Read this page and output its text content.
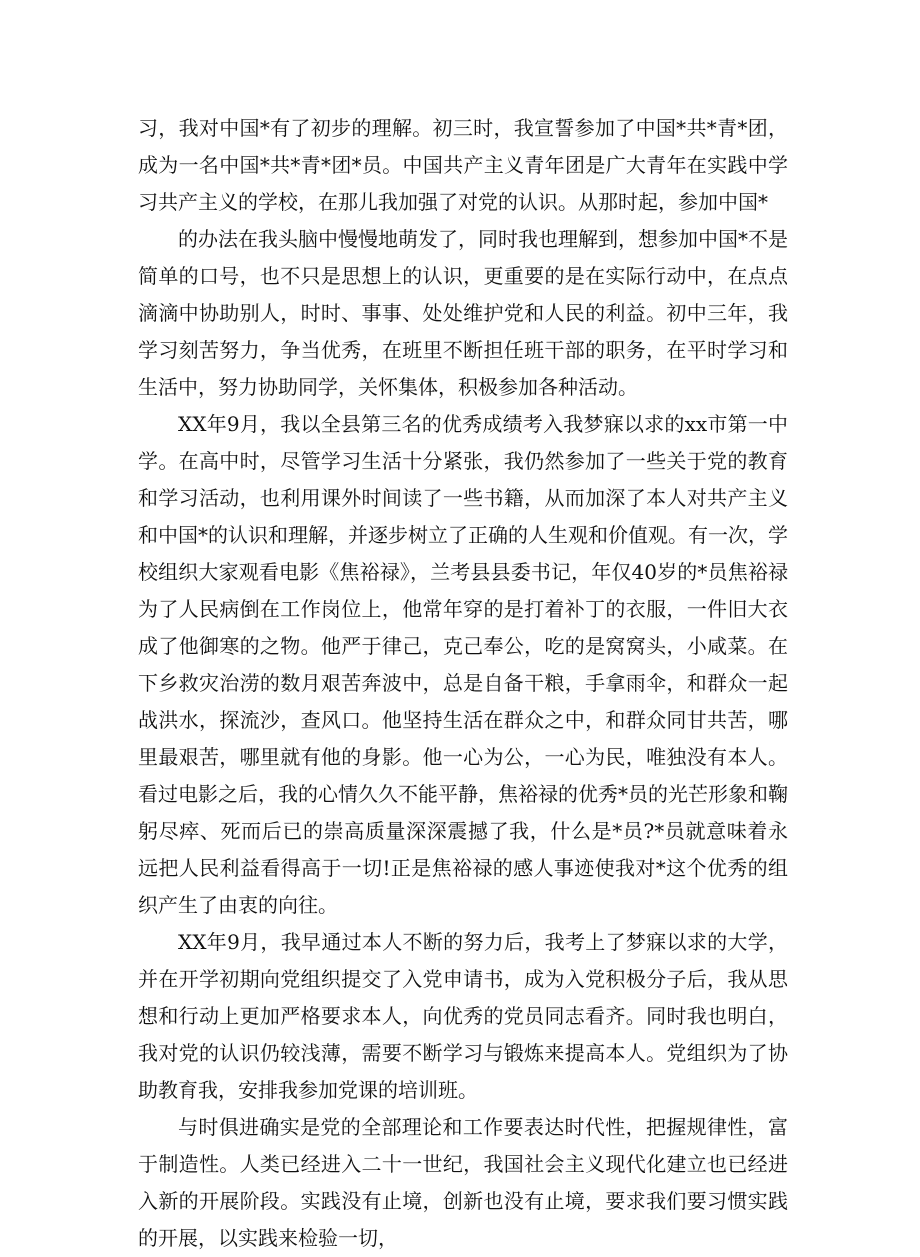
习，我对中国*有了初步的理解。初三时，我宣誓参加了中国*共*青*团，成为一名中国*共*青*团*员。中国共产主义青年团是广大青年在实践中学习共产主义的学校，在那儿我加强了对党的认识。从那时起，参加中国*

的办法在我头脑中慢慢地萌发了，同时我也理解到，想参加中国*不是简单的口号，也不只是思想上的认识，更重要的是在实际行动中，在点点滴滴中协助别人，时时、事事、处处维护党和人民的利益。初中三年，我学习刻苦努力，争当优秀，在班里不断担任班干部的职务，在平时学习和生活中，努力协助同学，关怀集体，积极参加各种活动。

XX年9月，我以全县第三名的优秀成绩考入我梦寐以求的xx市第一中学。在高中时，尽管学习生活十分紧张，我仍然参加了一些关于党的教育和学习活动，也利用课外时间读了一些书籍，从而加深了本人对共产主义和中国*的认识和理解，并逐步树立了正确的人生观和价值观。有一次，学校组织大家观看电影《焦裕禄》，兰考县县委书记，年仅40岁的*员焦裕禄为了人民病倒在工作岗位上，他常年穿的是打着补丁的衣服，一件旧大衣成了他御寒的之物。他严于律己，克己奉公，吃的是窝窝头，小咸菜。在下乡救灾治涝的数月艰苦奔波中，总是自备干粮，手拿雨伞，和群众一起战洪水，探流沙，查风口。他坚持生活在群众之中，和群众同甘共苦，哪里最艰苦，哪里就有他的身影。他一心为公，一心为民，唯独没有本人。看过电影之后，我的心情久久不能平静，焦裕禄的优秀*员的光芒形象和鞠躬尽瘁、死而后已的崇高质量深深震撼了我，什么是*员?*员就意味着永远把人民利益看得高于一切!正是焦裕禄的感人事迹使我对*这个优秀的组织产生了由衷的向往。

XX年9月，我早通过本人不断的努力后，我考上了梦寐以求的大学，并在开学初期向党组织提交了入党申请书，成为入党积极分子后，我从思想和行动上更加严格要求本人，向优秀的党员同志看齐。同时我也明白，我对党的认识仍较浅薄，需要不断学习与锻炼来提高本人。党组织为了协助教育我，安排我参加党课的培训班。

与时俱进确实是党的全部理论和工作要表达时代性，把握规律性，富于制造性。人类已经进入二十一世纪，我国社会主义现代化建立也已经进入新的开展阶段。实践没有止境，创新也没有止境，要求我们要习惯实践的开展，以实践来检验一切，
